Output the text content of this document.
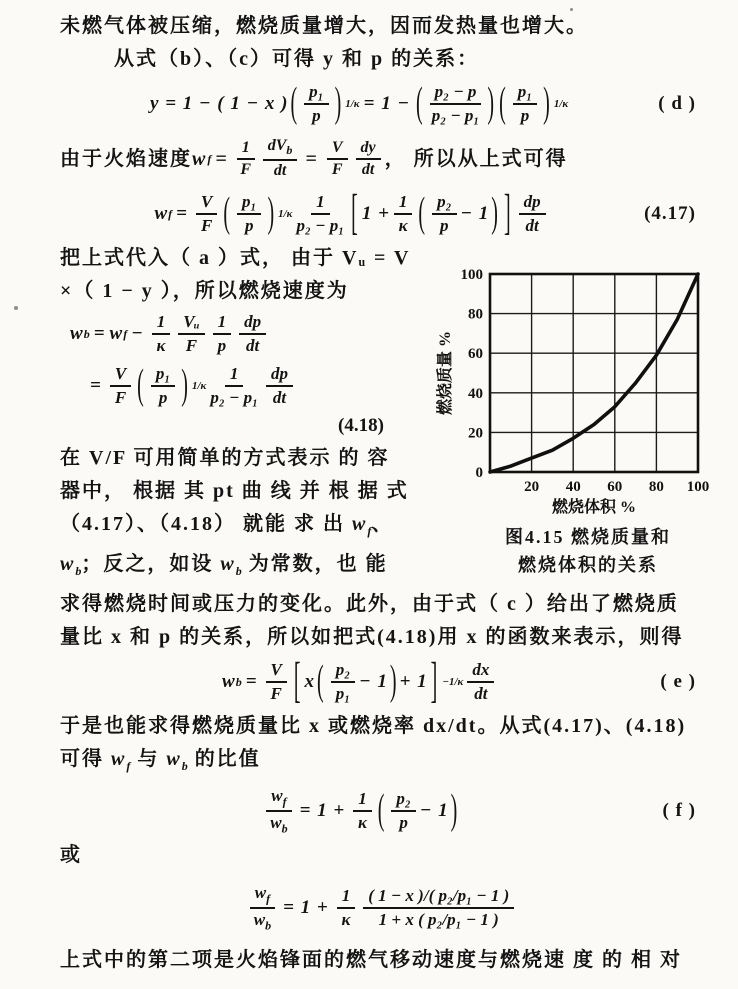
未燃气体被压缩，燃烧质量增大，因而发热量也增大。

从式（b）、（c）可得 y 和 p 的关系：

y = 1 − ( 1 − x ) ( $\frac{\text{p₁}}{p}$ ) 1/κ = 1 − ( $\frac{\text{p₂ − p}}{\text{p₂ − p₁}}$ ) ( $\frac{\text{p₁}}{p}$ ) 1/κ	( d )
由于火焰速度 w $f = \frac{1}{F} \frac{dV_b}{dt} = \frac{V}{F} \frac{dy}{dt}$ ， 所以从上式可得
w $f = \frac{V}{F}$ ( $\frac{\text{p₁}}{p}$ ) $1/\kappa \frac{1}{\text{p₂ − p₁}}$ [ $1 + \frac{1}{\kappa}$ ( $\frac{\text{p₂}}{p} - 1$ ) ] $\frac{dp}{dt}$	(4.17)

把上式代入（ a ）式， 由于 Vᵤ = V

×（ 1 − y ），所以燃烧速度为

w b = w $f - \frac{1}{\kappa} \frac{\text{Vᵤ}}{F} \frac{1}{p} \frac{dp}{dt}$
= $\frac{V}{F}$ ( $\frac{\text{p₁}}{p}$ ) $1/\kappa \frac{1}{\text{p₂ − p₁}} \frac{dp}{dt}$
(4.18)

在 V/F 可用简单的方式表示 的 容

器中， 根据 其 pt 曲 线 并 根 据 式

（4.17）、（4.18） 就能 求 出 $w_f$、

$w_b$；反之，如设 $w_b$ 为常数，也 能

0
20
40
60
80
100
20 40 60 80 100
燃烧体积 %
燃烧质量 %
图4.15 燃烧质量和
燃烧体积的关系

求得燃烧时间或压力的变化。此外，由于式（ c ）给出了燃烧质

量比 x 和 p 的关系，所以如把式(4.18)用 x 的函数来表示，则得

w $b = \frac{V}{F}$ [ x ( $\frac{\text{p₂}}{\text{p₁}} - 1$ ) + 1 ] $-1/\kappa \frac{dx}{dt}$	( e )

于是也能求得燃烧质量比 x 或燃烧率 dx/dt。从式(4.17)、(4.18)

可得 $w_f$ 与 $w_b$ 的比值

$\frac{w_f}{w_b} = 1 + \frac{1}{\kappa}$ ( $\frac{\text{p₂}}{p} - 1$ )	( f )

或

$\frac{w_f}{w_b} = 1 + \frac{1}{\kappa} \frac{\text{( 1 − x )/( p₂/p₁ − 1 )}}{\text{1 + x ( p₂/p₁ − 1 )}}$

上式中的第二项是火焰锋面的燃气移动速度与燃烧速 度 的 相 对
